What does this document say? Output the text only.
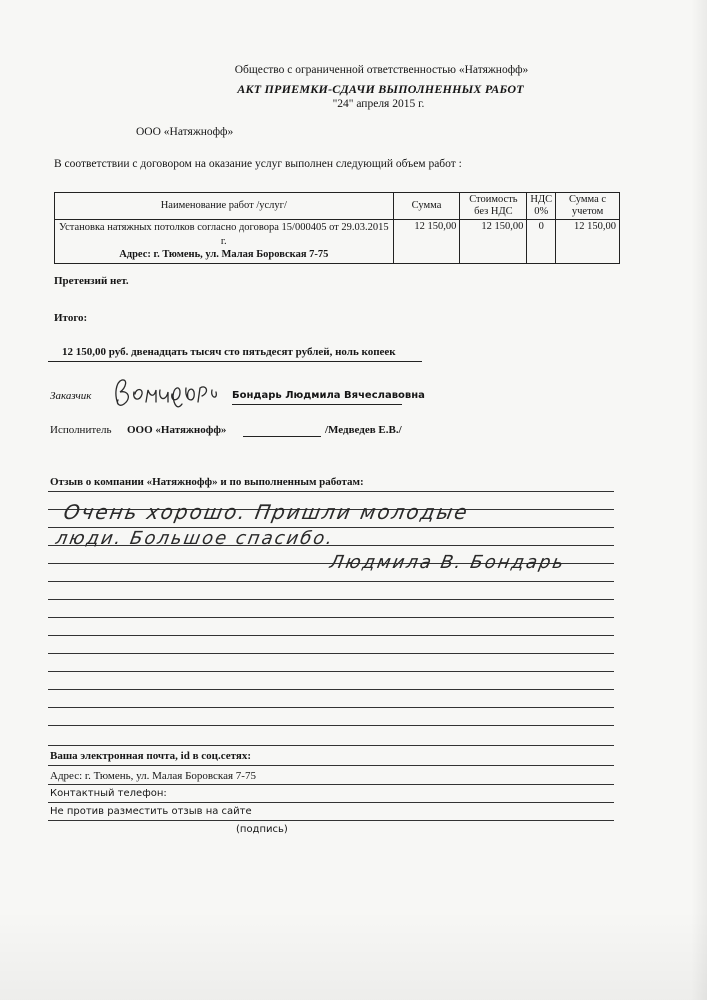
Общество с ограниченной ответственностью «Натяжнофф»
АКТ ПРИЕМКИ-СДАЧИ ВЫПОЛНЕННЫХ РАБОТ
"24" апреля 2015 г.
ООО «Натяжнофф»
В соответствии с договором на оказание услуг выполнен следующий объем работ :
Наименование работ /услуг/	Сумма	Стоимость без НДС	НДС 0%	Сумма с учетом

Установка натяжных потолков согласно договора 15/000405 от 29.03.2015 г.
Адрес: г. Тюмень, ул. Малая Боровская 7-75	12 150,00	12 150,00	0	12 150,00
Претензий нет.
Итого:
12 150,00 руб. двенадцать тысяч сто пятьдесят рублей, ноль копеек
Заказчик	Бондарь Людмила Вячеславовна
Исполнитель ООО «Натяжнофф»	/Медведев Е.В./
Отзыв о компании «Натяжнофф» и по выполненным работам:
Очень хорошо. Пришли молодые
люди. Большое спасибо.
Людмила В. Бондарь
Ваша электронная почта, id в соц.сетях:
Адрес: г. Тюмень, ул. Малая Боровская 7-75
Контактный телефон:
Не против разместить отзыв на сайте
(подпись)
